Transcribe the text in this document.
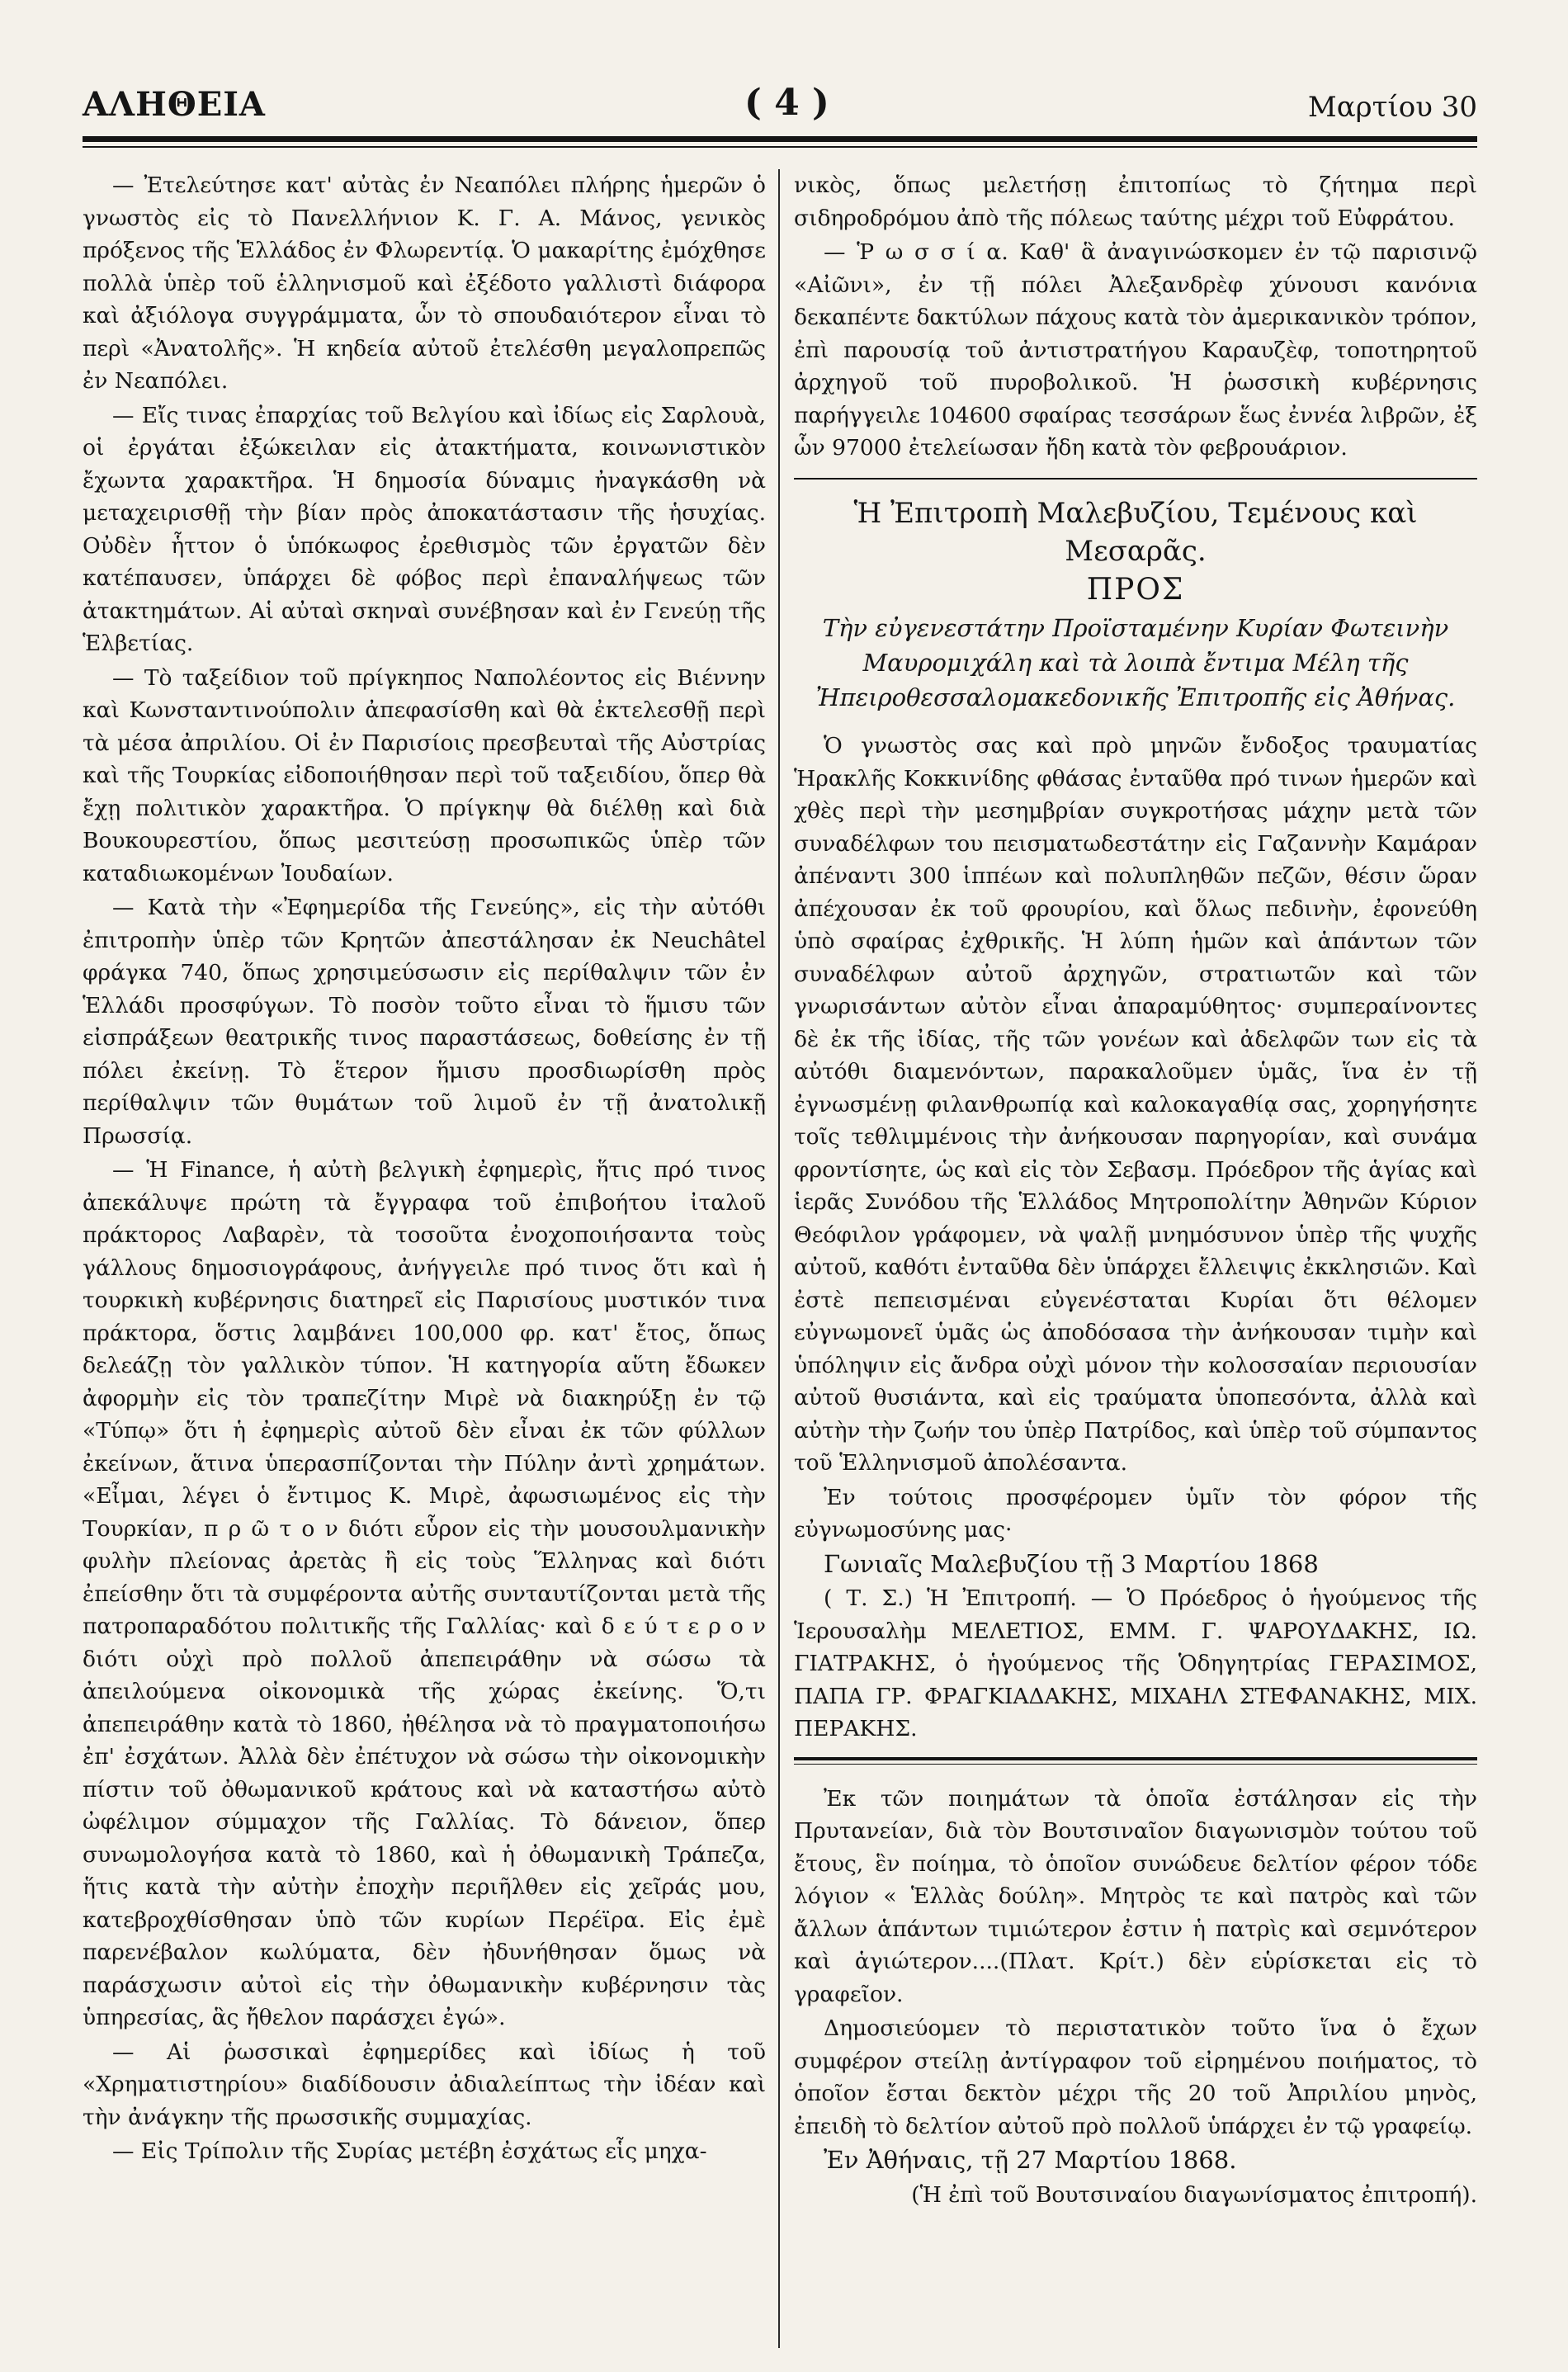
ΑΛΗΘΕΙΑ	( 4 )	Μαρτίου 30

— Ἐτελεύτησε κατ' αὐτὰς ἐν Νεαπόλει πλήρης ἡμερῶν ὁ γνωστὸς εἰς τὸ Πανελλήνιον Κ. Γ. Α. Μάνος, γενικὸς πρόξενος τῆς Ἑλλάδος ἐν Φλωρεντίᾳ. Ὁ μακαρίτης ἐμόχθησε πολλὰ ὑπὲρ τοῦ ἑλληνισμοῦ καὶ ἐξέδοτο γαλλιστὶ διάφορα καὶ ἀξιόλογα συγγράμματα, ὧν τὸ σπουδαιότερον εἶναι τὸ περὶ «Ἀνατολῆς». Ἡ κηδεία αὐτοῦ ἐτελέσθη μεγαλοπρεπῶς ἐν Νεαπόλει.

— Εἴς τινας ἐπαρχίας τοῦ Βελγίου καὶ ἰδίως εἰς Σαρλουὰ, οἱ ἐργάται ἐξώκειλαν εἰς ἀτακτήματα, κοινωνιστικὸν ἔχωντα χαρακτῆρα. Ἡ δημοσία δύναμις ἠναγκάσθη νὰ μεταχειρισθῇ τὴν βίαν πρὸς ἀποκατάστασιν τῆς ἡσυχίας. Οὐδὲν ἧττον ὁ ὑπόκωφος ἐρεθισμὸς τῶν ἐργατῶν δὲν κατέπαυσεν, ὑπάρχει δὲ φόβος περὶ ἐπαναλήψεως τῶν ἀτακτημάτων. Αἱ αὐταὶ σκηναὶ συνέβησαν καὶ ἐν Γενεύῃ τῆς Ἑλβετίας.

— Τὸ ταξείδιον τοῦ πρίγκηπος Ναπολέοντος εἰς Βιέννην καὶ Κωνσταντινούπολιν ἀπεφασίσθη καὶ θὰ ἐκτελεσθῇ περὶ τὰ μέσα ἀπριλίου. Οἱ ἐν Παρισίοις πρεσβευταὶ τῆς Αὐστρίας καὶ τῆς Τουρκίας εἰδοποιήθησαν περὶ τοῦ ταξειδίου, ὅπερ θὰ ἔχῃ πολιτικὸν χαρακτῆρα. Ὁ πρίγκηψ θὰ διέλθῃ καὶ διὰ Βουκουρεστίου, ὅπως μεσιτεύσῃ προσωπικῶς ὑπὲρ τῶν καταδιωκομένων Ἰουδαίων.

— Κατὰ τὴν «Ἐφημερίδα τῆς Γενεύης», εἰς τὴν αὐτόθι ἐπιτροπὴν ὑπὲρ τῶν Κρητῶν ἀπεστάλησαν ἐκ Neuchâtel φράγκα 740, ὅπως χρησιμεύσωσιν εἰς περίθαλψιν τῶν ἐν Ἑλλάδι προσφύγων. Τὸ ποσὸν τοῦτο εἶναι τὸ ἥμισυ τῶν εἰσπράξεων θεατρικῆς τινος παραστάσεως, δοθείσης ἐν τῇ πόλει ἐκείνῃ. Τὸ ἕτερον ἥμισυ προσδιωρίσθη πρὸς περίθαλψιν τῶν θυμάτων τοῦ λιμοῦ ἐν τῇ ἀνατολικῇ Πρωσσίᾳ.

— Ἡ Finance, ἡ αὐτὴ βελγικὴ ἐφημερὶς, ἥτις πρό τινος ἀπεκάλυψε πρώτη τὰ ἔγγραφα τοῦ ἐπιβοήτου ἰταλοῦ πράκτορος Λαβαρὲν, τὰ τοσοῦτα ἐνοχοποιήσαντα τοὺς γάλλους δημοσιογράφους, ἀνήγγειλε πρό τινος ὅτι καὶ ἡ τουρκικὴ κυβέρνησις διατηρεῖ εἰς Παρισίους μυστικόν τινα πράκτορα, ὅστις λαμβάνει 100,000 φρ. κατ' ἔτος, ὅπως δελεάζῃ τὸν γαλλικὸν τύπον. Ἡ κατηγορία αὕτη ἔδωκεν ἀφορμὴν εἰς τὸν τραπεζίτην Μιρὲ νὰ διακηρύξῃ ἐν τῷ «Τύπῳ» ὅτι ἡ ἐφημερὶς αὐτοῦ δὲν εἶναι ἐκ τῶν φύλλων ἐκείνων, ἅτινα ὑπερασπίζονται τὴν Πύλην ἀντὶ χρημάτων. «Εἶμαι, λέγει ὁ ἔντιμος Κ. Μιρὲ, ἀφωσιωμένος εἰς τὴν Τουρκίαν, π ρ ῶ τ ο ν διότι εὗρον εἰς τὴν μουσουλμανικὴν φυλὴν πλείονας ἀρετὰς ἢ εἰς τοὺς Ἕλληνας καὶ διότι ἐπείσθην ὅτι τὰ συμφέροντα αὐτῆς συνταυτίζονται μετὰ τῆς πατροπαραδότου πολιτικῆς τῆς Γαλλίας· καὶ δ ε ύ τ ε ρ ο ν διότι οὐχὶ πρὸ πολλοῦ ἀπεπειράθην νὰ σώσω τὰ ἀπειλούμενα οἰκονομικὰ τῆς χώρας ἐκείνης. Ὅ,τι ἀπεπειράθην κατὰ τὸ 1860, ἠθέλησα νὰ τὸ πραγματοποιήσω ἐπ' ἐσχάτων. Ἀλλὰ δὲν ἐπέτυχον νὰ σώσω τὴν οἰκονομικὴν πίστιν τοῦ ὀθωμανικοῦ κράτους καὶ νὰ καταστήσω αὐτὸ ὠφέλιμον σύμμαχον τῆς Γαλλίας. Τὸ δάνειον, ὅπερ συνωμολογήσα κατὰ τὸ 1860, καὶ ἡ ὀθωμανικὴ Τράπεζα, ἥτις κατὰ τὴν αὐτὴν ἐποχὴν περιῆλθεν εἰς χεῖράς μου, κατεβροχθίσθησαν ὑπὸ τῶν κυρίων Περέϊρα. Εἰς ἐμὲ παρενέβαλον κωλύματα, δὲν ἠδυνήθησαν ὅμως νὰ παράσχωσιν αὐτοὶ εἰς τὴν ὀθωμανικὴν κυβέρνησιν τὰς ὑπηρεσίας, ἃς ἤθελον παράσχει ἐγώ».

— Αἱ ῥωσσικαὶ ἐφημερίδες καὶ ἰδίως ἡ τοῦ «Χρηματιστηρίου» διαδίδουσιν ἀδιαλείπτως τὴν ἰδέαν καὶ τὴν ἀνάγκην τῆς πρωσσικῆς συμμαχίας.

— Εἰς Τρίπολιν τῆς Συρίας μετέβη ἐσχάτως εἷς μηχα-

νικὸς, ὅπως μελετήσῃ ἐπιτοπίως τὸ ζήτημα περὶ σιδηροδρόμου ἀπὸ τῆς πόλεως ταύτης μέχρι τοῦ Εὐφράτου.

— Ῥ ω σ σ ί α. Καθ' ἃ ἀναγινώσκομεν ἐν τῷ παρισινῷ «Αἰῶνι», ἐν τῇ πόλει Ἀλεξανδρὲφ χύνουσι κανόνια δεκαπέντε δακτύλων πάχους κατὰ τὸν ἀμερικανικὸν τρόπον, ἐπὶ παρουσίᾳ τοῦ ἀντιστρατήγου Καραυζὲφ, τοποτηρητοῦ ἀρχηγοῦ τοῦ πυροβολικοῦ. Ἡ ῥωσσικὴ κυβέρνησις παρήγγειλε 104600 σφαίρας τεσσάρων ἕως ἐννέα λιβρῶν, ἐξ ὧν 97000 ἐτελείωσαν ἤδη κατὰ τὸν φεβρουάριον.

Ἡ Ἐπιτροπὴ Μαλεβυζίου, Τεμένους καὶ Μεσαρᾶς.
ΠΡΟΣ
Τὴν εὐγενεστάτην Προϊσταμένην Κυρίαν Φωτεινὴν Μαυρομιχάλη καὶ τὰ λοιπὰ ἔντιμα Μέλη τῆς Ἠπειροθεσσαλομακεδονικῆς Ἐπιτροπῆς εἰς Ἀθήνας.

Ὁ γνωστὸς σας καὶ πρὸ μηνῶν ἔνδοξος τραυματίας Ἡρακλῆς Κοκκινίδης φθάσας ἐνταῦθα πρό τινων ἡμερῶν καὶ χθὲς περὶ τὴν μεσημβρίαν συγκροτήσας μάχην μετὰ τῶν συναδέλφων του πεισματωδεστάτην εἰς Γαζαννὴν Καμάραν ἀπέναντι 300 ἱππέων καὶ πολυπληθῶν πεζῶν, θέσιν ὥραν ἀπέχουσαν ἐκ τοῦ φρουρίου, καὶ ὅλως πεδινὴν, ἐφονεύθη ὑπὸ σφαίρας ἐχθρικῆς. Ἡ λύπη ἡμῶν καὶ ἁπάντων τῶν συναδέλφων αὐτοῦ ἀρχηγῶν, στρατιωτῶν καὶ τῶν γνωρισάντων αὐτὸν εἶναι ἀπαραμύθητος· συμπεραίνοντες δὲ ἐκ τῆς ἰδίας, τῆς τῶν γονέων καὶ ἀδελφῶν των εἰς τὰ αὐτόθι διαμενόντων, παρακαλοῦμεν ὑμᾶς, ἵνα ἐν τῇ ἐγνωσμένῃ φιλανθρωπίᾳ καὶ καλοκαγαθίᾳ σας, χορηγήσητε τοῖς τεθλιμμένοις τὴν ἀνήκουσαν παρηγορίαν, καὶ συνάμα φροντίσητε, ὡς καὶ εἰς τὸν Σεβασμ. Πρόεδρον τῆς ἁγίας καὶ ἱερᾶς Συνόδου τῆς Ἑλλάδος Μητροπολίτην Ἀθηνῶν Κύριον Θεόφιλον γράφομεν, νὰ ψαλῇ μνημόσυνον ὑπὲρ τῆς ψυχῆς αὐτοῦ, καθότι ἐνταῦθα δὲν ὑπάρχει ἔλλειψις ἐκκλησιῶν. Καὶ ἐστὲ πεπεισμέναι εὐγενέσταται Κυρίαι ὅτι θέλομεν εὐγνωμονεῖ ὑμᾶς ὡς ἀποδόσασα τὴν ἀνήκουσαν τιμὴν καὶ ὑπόληψιν εἰς ἄνδρα οὐχὶ μόνον τὴν κολοσσαίαν περιουσίαν αὐτοῦ θυσιάντα, καὶ εἰς τραύματα ὑποπεσόντα, ἀλλὰ καὶ αὐτὴν τὴν ζωήν του ὑπὲρ Πατρίδος, καὶ ὑπὲρ τοῦ σύμπαντος τοῦ Ἑλληνισμοῦ ἀπολέσαντα.

Ἐν τούτοις προσφέρομεν ὑμῖν τὸν φόρον τῆς εὐγνωμοσύνης μας·

Γωνιαῖς Μαλεβυζίου τῇ 3 Μαρτίου 1868

( Τ. Σ.) Ἡ Ἐπιτροπή. — Ὁ Πρόεδρος ὁ ἡγούμενος τῆς Ἱερουσαλὴμ ΜΕΛΕΤΙΟΣ, ΕΜΜ. Γ. ΨΑΡΟΥΔΑΚΗΣ, ΙΩ. ΓΙΑΤΡΑΚΗΣ, ὁ ἡγούμενος τῆς Ὁδηγητρίας ΓΕΡΑΣΙΜΟΣ, ΠΑΠΑ ΓΡ. ΦΡΑΓΚΙΑΔΑΚΗΣ, ΜΙΧΑΗΛ ΣΤΕΦΑΝΑΚΗΣ, ΜΙΧ. ΠΕΡΑΚΗΣ.

Ἐκ τῶν ποιημάτων τὰ ὁποῖα ἐστάλησαν εἰς τὴν Πρυτανείαν, διὰ τὸν Βουτσιναῖον διαγωνισμὸν τούτου τοῦ ἔτους, ἓν ποίημα, τὸ ὁποῖον συνώδευε δελτίον φέρον τόδε λόγιον « Ἑλλὰς δούλη». Μητρὸς τε καὶ πατρὸς καὶ τῶν ἄλλων ἁπάντων τιμιώτερον ἐστιν ἡ πατρὶς καὶ σεμνότερον καὶ ἁγιώτερον....(Πλατ. Κρίτ.) δὲν εὑρίσκεται εἰς τὸ γραφεῖον.

Δημοσιεύομεν τὸ περιστατικὸν τοῦτο ἵνα ὁ ἔχων συμφέρον στείλῃ ἀντίγραφον τοῦ εἰρημένου ποιήματος, τὸ ὁποῖον ἔσται δεκτὸν μέχρι τῆς 20 τοῦ Ἀπριλίου μηνὸς, ἐπειδὴ τὸ δελτίον αὐτοῦ πρὸ πολλοῦ ὑπάρχει ἐν τῷ γραφείῳ.

Ἐν Ἀθήναις, τῇ 27 Μαρτίου 1868.

(Ἡ ἐπὶ τοῦ Βουτσιναίου διαγωνίσματος ἐπιτροπή).
